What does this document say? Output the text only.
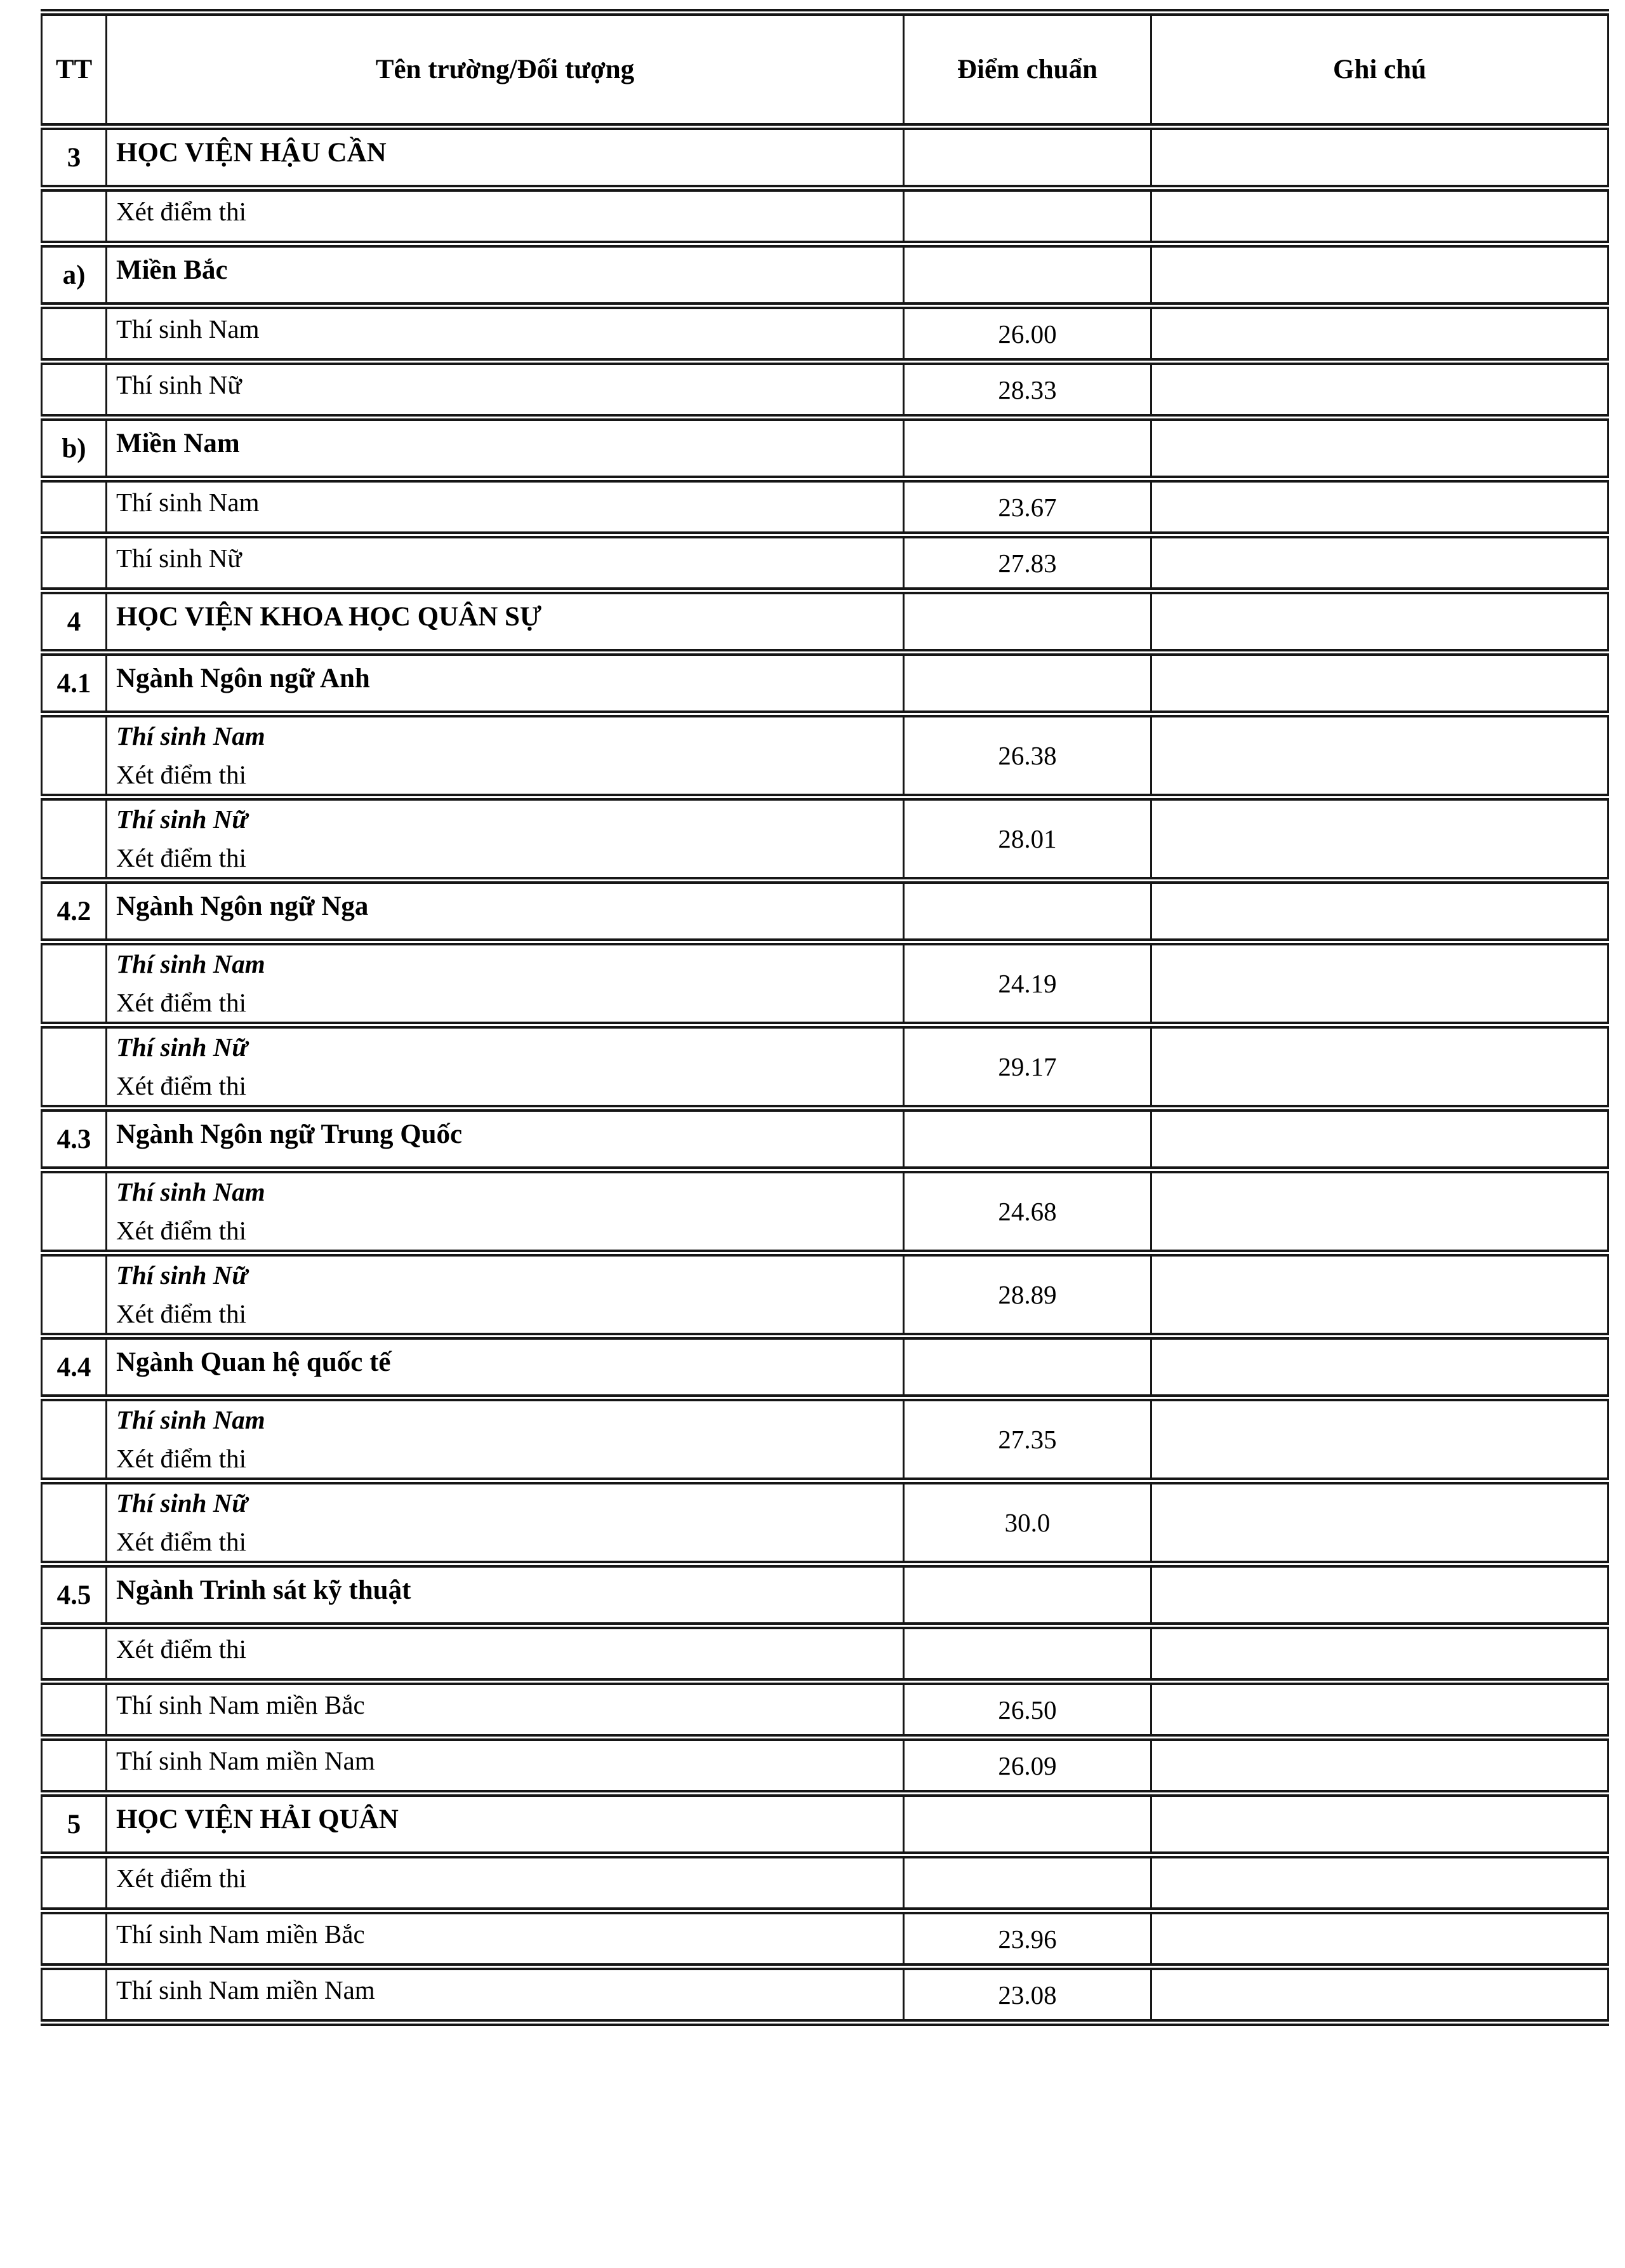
TT	Tên trường/Đối tượng	Điểm chuẩn	Ghi chú
3	HỌC VIỆN HẬU CẦN		

	Xét điểm thi		

a)	Miền Bắc		

	Thí sinh Nam	26.00	

	Thí sinh Nữ	28.33	
b)	Miền Nam		

	Thí sinh Nam	23.67	

	Thí sinh Nữ	27.83	
4	HỌC VIỆN KHOA HỌC QUÂN SỰ		

4.1	Ngành Ngôn ngữ Anh		

	Thí sinh Nam
Xét điểm thi	26.38	

	Thí sinh Nữ
Xét điểm thi	28.01	
4.2	Ngành Ngôn ngữ Nga		

	Thí sinh Nam
Xét điểm thi	24.19	

	Thí sinh Nữ
Xét điểm thi	29.17	
4.3	Ngành Ngôn ngữ Trung Quốc		

	Thí sinh Nam
Xét điểm thi	24.68	

	Thí sinh Nữ
Xét điểm thi	28.89	
4.4	Ngành Quan hệ quốc tế		

	Thí sinh Nam
Xét điểm thi	27.35	

	Thí sinh Nữ
Xét điểm thi	30.0	
4.5	Ngành Trinh sát kỹ thuật		

	Xét điểm thi		

	Thí sinh Nam miền Bắc	26.50	

	Thí sinh Nam miền Nam	26.09	
5	HỌC VIỆN HẢI QUÂN		

	Xét điểm thi		

	Thí sinh Nam miền Bắc	23.96	

	Thí sinh Nam miền Nam	23.08	
